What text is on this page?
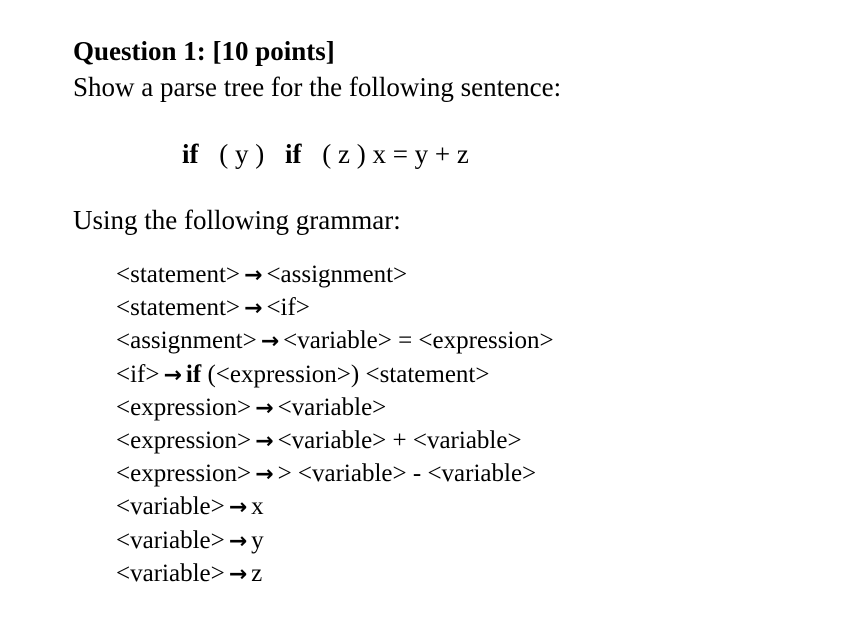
Question 1: [10 points]
Show a parse tree for the following sentence:
if ( y ) if ( z ) x = y + z
Using the following grammar:
<statement> → <assignment>
<statement> → <if>
<assignment> → <variable> = <expression>
<if> → if (<expression>) <statement>
<expression> → <variable>
<expression> → <variable> + <variable>
<expression> → > <variable> - <variable>
<variable> → x
<variable> → y
<variable> → z
